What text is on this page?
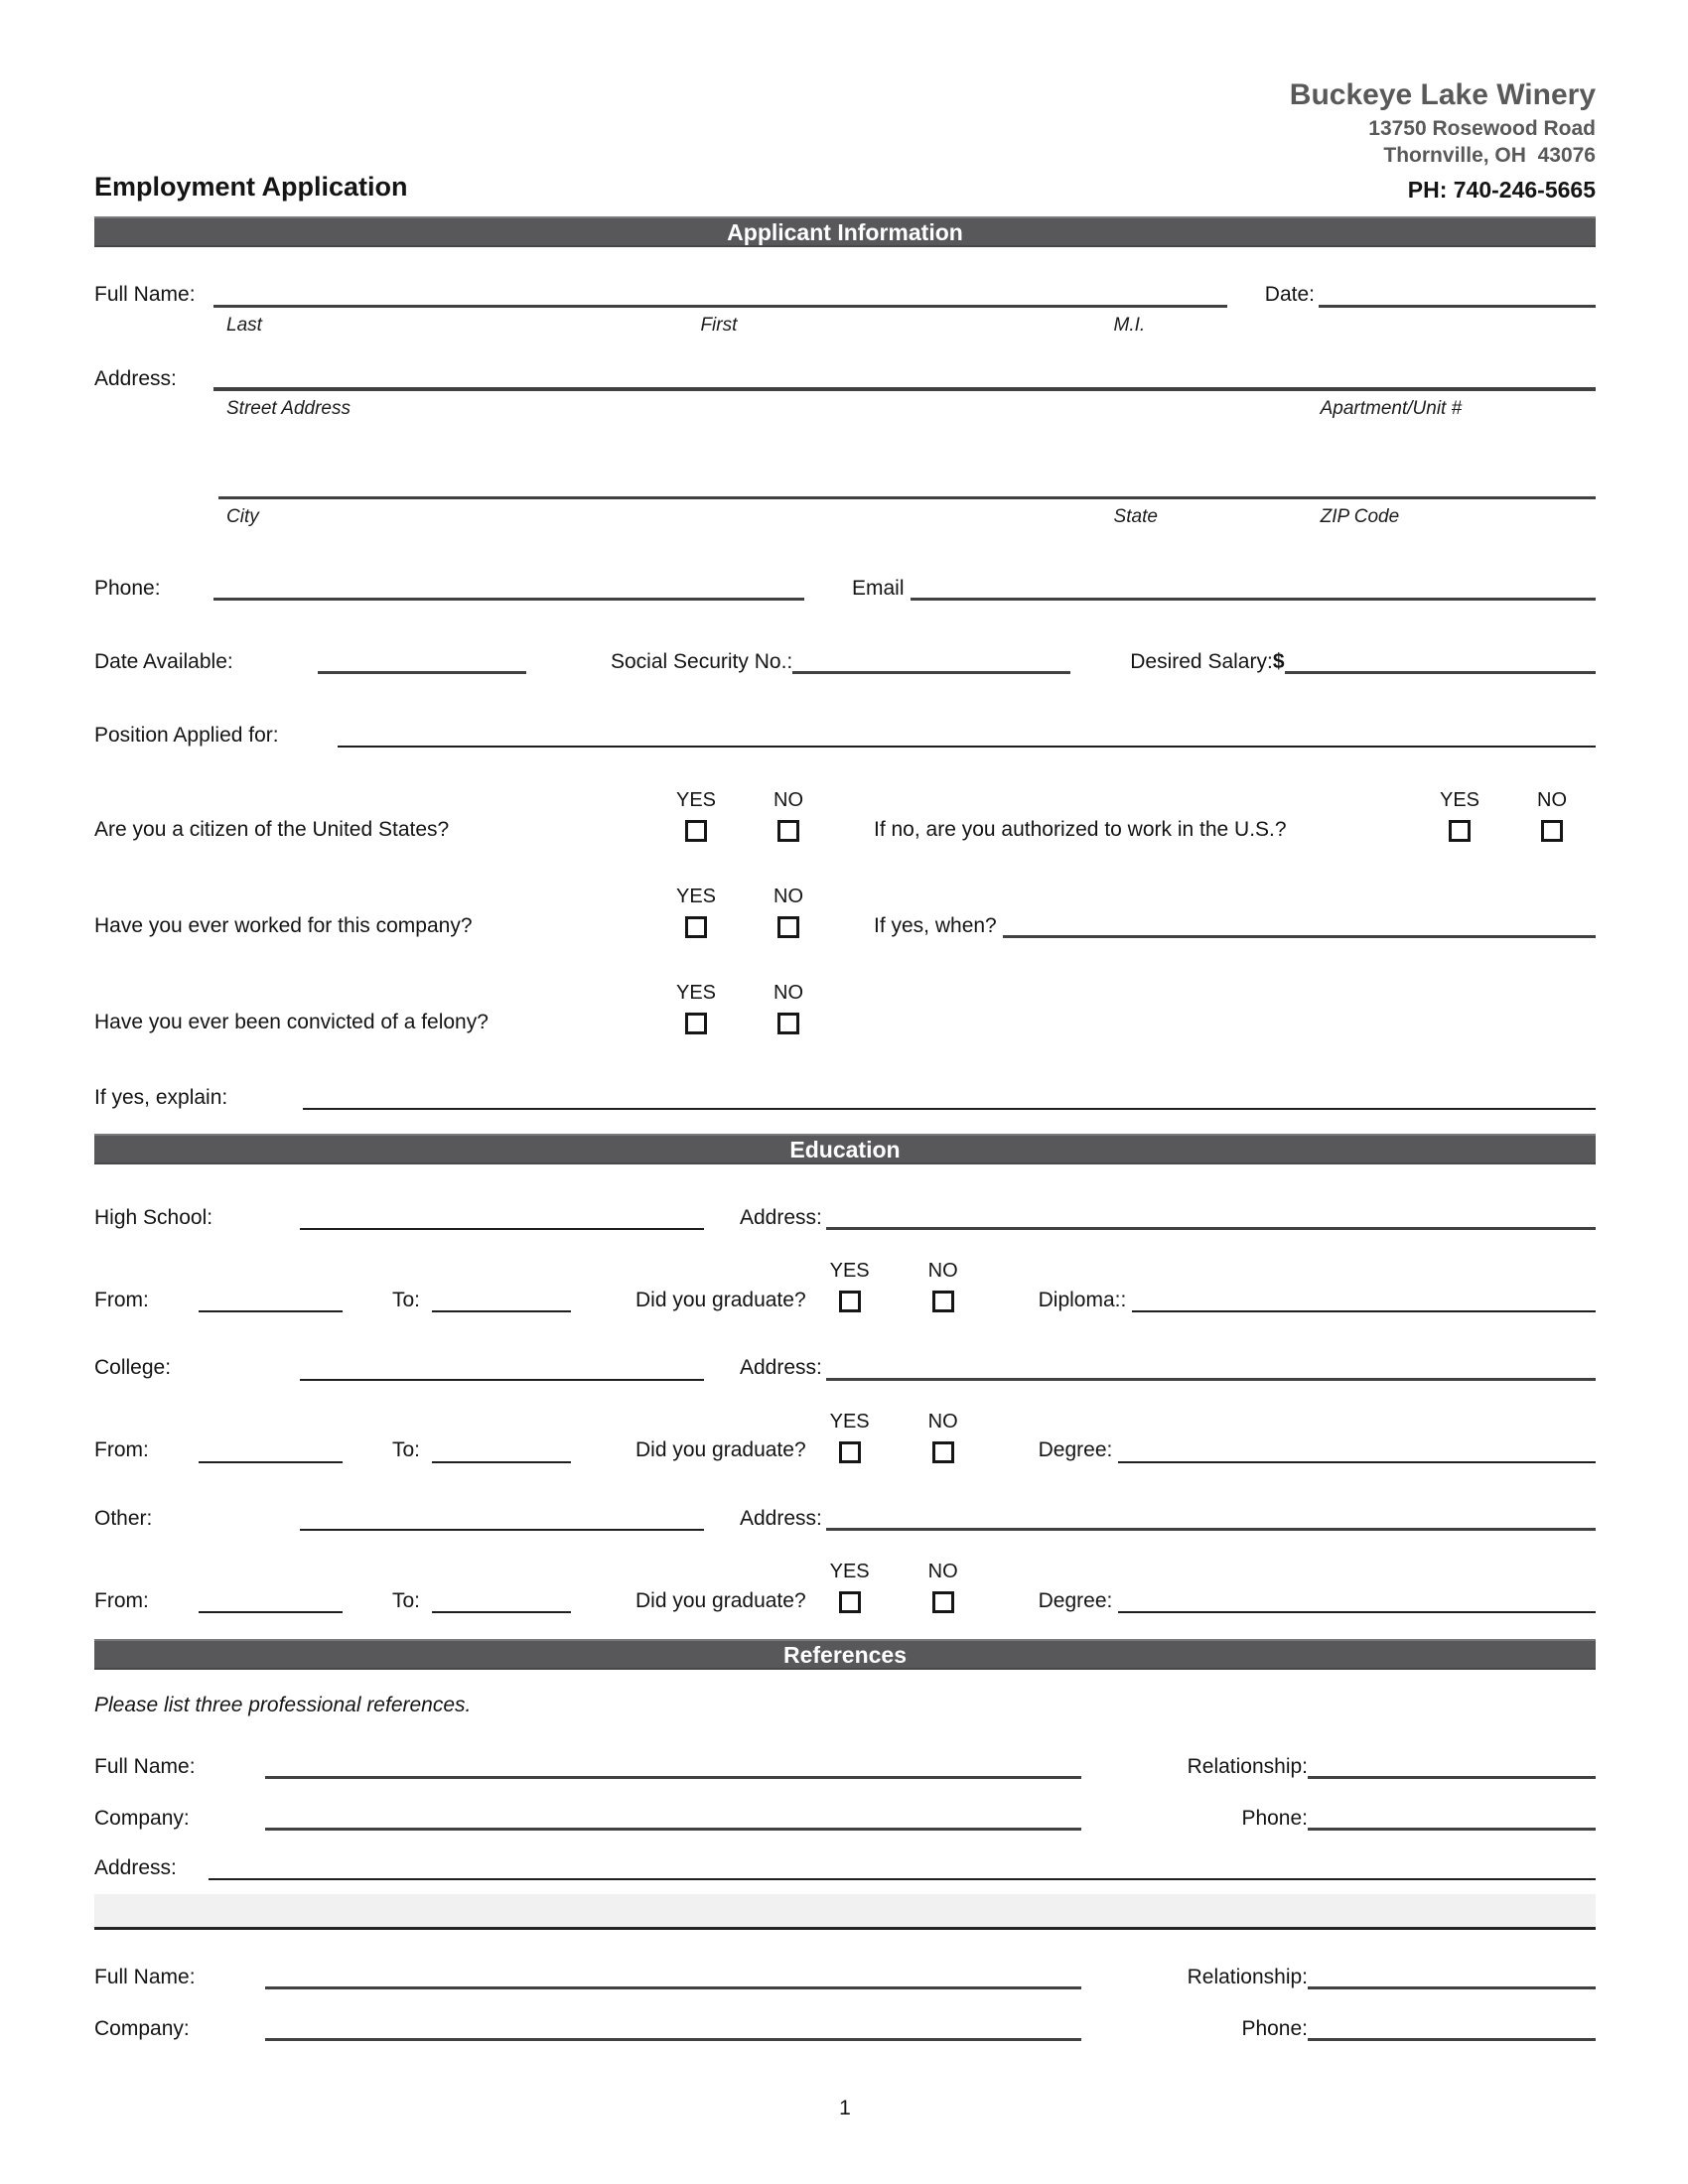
Employment Application
Buckeye Lake Winery
13750 Rosewood Road
Thornville, OH  43076
PH: 740-246-5665
Applicant Information
Full Name:	Date:
Last	First	M.I.
Address:
Street Address	Apartment/Unit #
City	State	ZIP Code
Phone:	Email
Date Available:	Social Security No.:	Desired Salary:$
Position Applied for:
Are you a citizen of the United States?
YES	NO
If no, are you authorized to work in the U.S.?
YES	NO
Have you ever worked for this company?
YES	NO
If yes, when?
Have you ever been convicted of a felony?
YES	NO
If yes, explain:
Education
High School:	Address:
From:	To:	Did you graduate?
YES	NO
Diploma::
College:	Address:
From:	To:	Did you graduate?
YES	NO
Degree:
Other:	Address:
From:	To:	Did you graduate?
YES	NO
Degree:
References
Please list three professional references.
Full Name:	Relationship:
Company:	Phone:
Address:
Full Name:	Relationship:
Company:	Phone:
1
